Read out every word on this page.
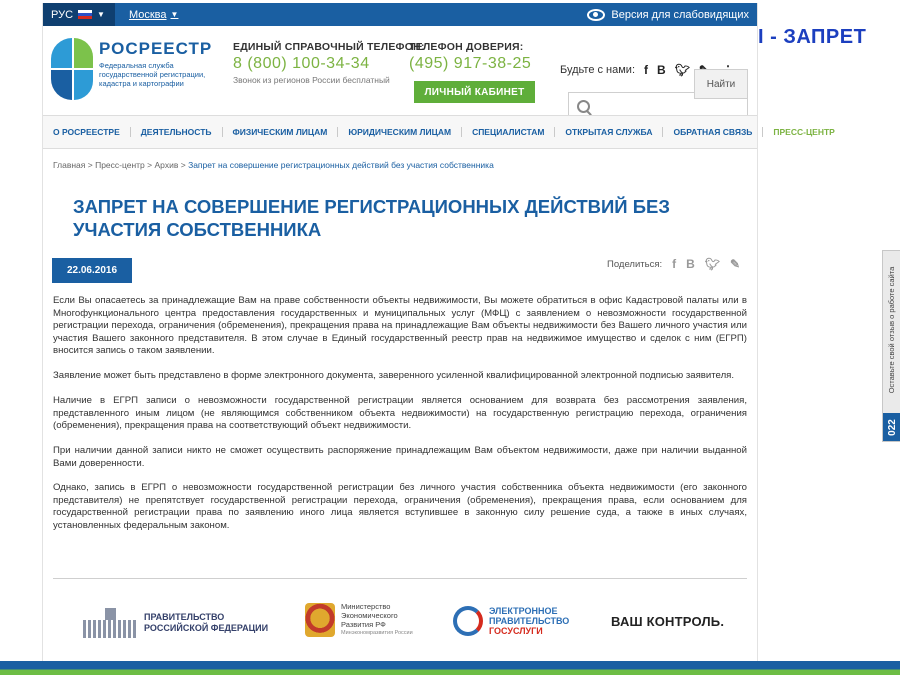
I - ЗАПРЕТ
РУС	▼ Москва ▼	Версия для слабовидящих
РОСРЕЕСТР
Федеральная служба государственной регистрации, кадастра и картографии
ЕДИНЫЙ СПРАВОЧНЫЙ ТЕЛЕФОН:
8 (800) 100-34-34
Звонок из регионов России бесплатный
ТЕЛЕФОН ДОВЕРИЯ:
(495) 917-38-25	Будьте с нами: f B 🐦︎
Найти
ЛИЧНЫЙ КАБИНЕТ
О РОСРЕЕСТРЕ	ДЕЯТЕЛЬНОСТЬ	ФИЗИЧЕСКИМ ЛИЦАМ	ЮРИДИЧЕСКИМ ЛИЦАМ	СПЕЦИАЛИСТАМ	ОТКРЫТАЯ СЛУЖБА	ОБРАТНАЯ СВЯЗЬ	ПРЕСС-ЦЕНТР
Главная > Пресс-центр > Архив > Запрет на совершение регистрационных действий без участия собственника
ЗАПРЕТ НА СОВЕРШЕНИЕ РЕГИСТРАЦИОННЫХ ДЕЙСТВИЙ БЕЗ УЧАСТИЯ СОБСТВЕННИКА
22.06.2016
Поделиться: f B 🐦︎ ✎

Если Вы опасаетесь за принадлежащие Вам на праве собственности объекты недвижимости, Вы можете обратиться в офис Кадастровой палаты или в Многофункционального центра предоставления государственных и муниципальных услуг (МФЦ) с заявлением о невозможности государственной регистрации перехода, ограничения (обременения), прекращения права на принадлежащие Вам объекты недвижимости без Вашего личного участия или участия Вашего законного представителя. В этом случае в Единый государственный реестр прав на недвижимое имущество и сделок с ним (ЕГРП) вносится запись о таком заявлении.

Заявление может быть представлено в форме электронного документа, заверенного усиленной квалифицированной электронной подписью заявителя.

Наличие в ЕГРП записи о невозможности государственной регистрации является основанием для возврата без рассмотрения заявления, представленного иным лицом (не являющимся собственником объекта недвижимости) на государственную регистрацию перехода, ограничения (обременения), прекращения права на соответствующий объект недвижимости.

При наличии данной записи никто не сможет осуществить распоряжение принадлежащим Вам объектом недвижимости, даже при наличии выданной Вами доверенности.

Однако, запись в ЕГРП о невозможности государственной регистрации без личного участия собственника объекта недвижимости (его законного представителя) не препятствует государственной регистрации перехода, ограничения (обременения), прекращения права, если основанием для государственной регистрации права по заявлению иного лица является вступившее в законную силу решение суда, а также в иных случаях, установленных федеральным законом.

ПРАВИТЕЛЬСТВО
РОССИЙСКОЙ ФЕДЕРАЦИИ
Министерство
Экономического
Развития РФ
Минэкономразвития России
ЭЛЕКТРОННОЕ
ПРАВИТЕЛЬСТВО
ГОСУСЛУГИ
ВАШ КОНТРОЛЬ.
Оставьте свой отзыв о работе сайта
022
